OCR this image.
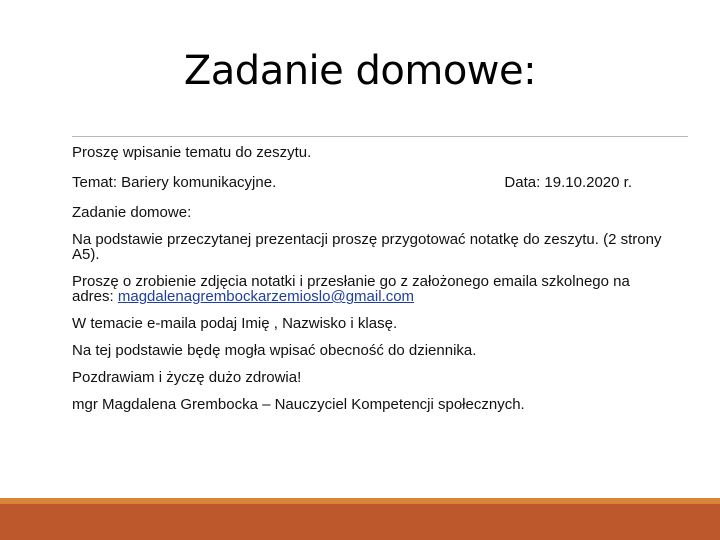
Zadanie domowe:
Proszę wpisanie tematu do zeszytu.
Temat: Bariery komunikacyjne.	Data: 19.10.2020 r.
Zadanie domowe:
Na podstawie przeczytanej prezentacji proszę przygotować notatkę do zeszytu. (2 strony A5).
Proszę o zrobienie zdjęcia notatki i przesłanie go z założonego emaila szkolnego na adres: magdalenagrembockarzemioslo@gmail.com
W temacie e-maila podaj Imię , Nazwisko i klasę.
Na tej podstawie będę mogła wpisać obecność do dziennika.
Pozdrawiam i życzę dużo zdrowia!
mgr Magdalena Grembocka – Nauczyciel Kompetencji społecznych.
